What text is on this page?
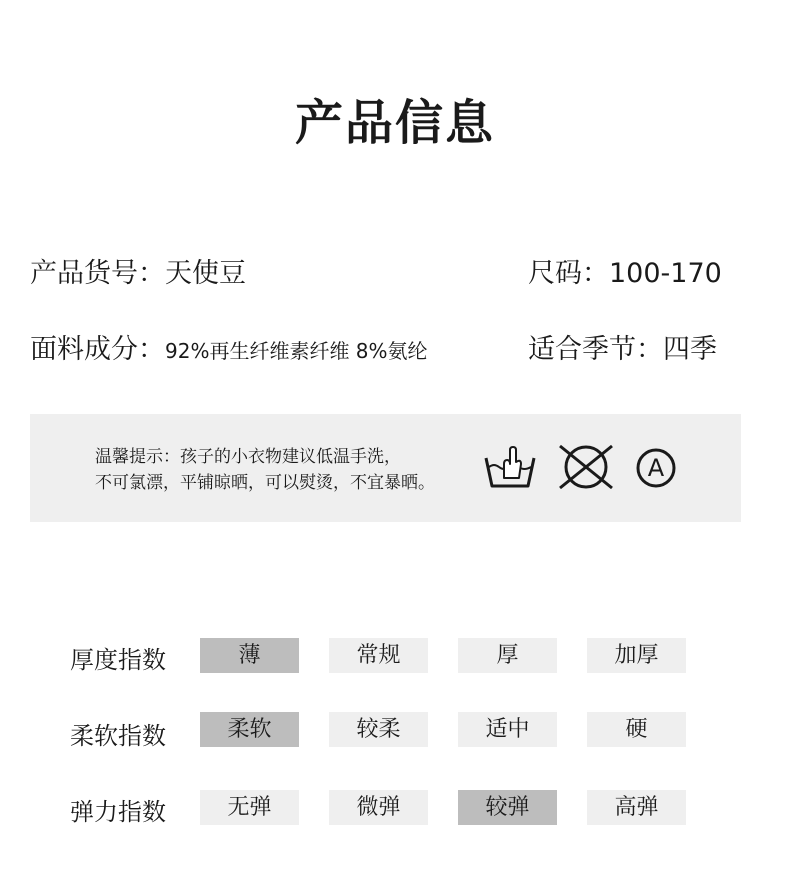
产品信息
产品货号：天使豆	尺码：100-170
面料成分：92%再生纤维素纤维 8%氨纶	适合季节：四季
温馨提示：孩子的小衣物建议低温手洗，
不可氯漂，平铺晾晒，可以熨烫，不宜暴晒。
A
厚度指数	薄	常规	厚	加厚
柔软指数	柔软	较柔	适中	硬
弹力指数	无弹	微弹	较弹	高弹
